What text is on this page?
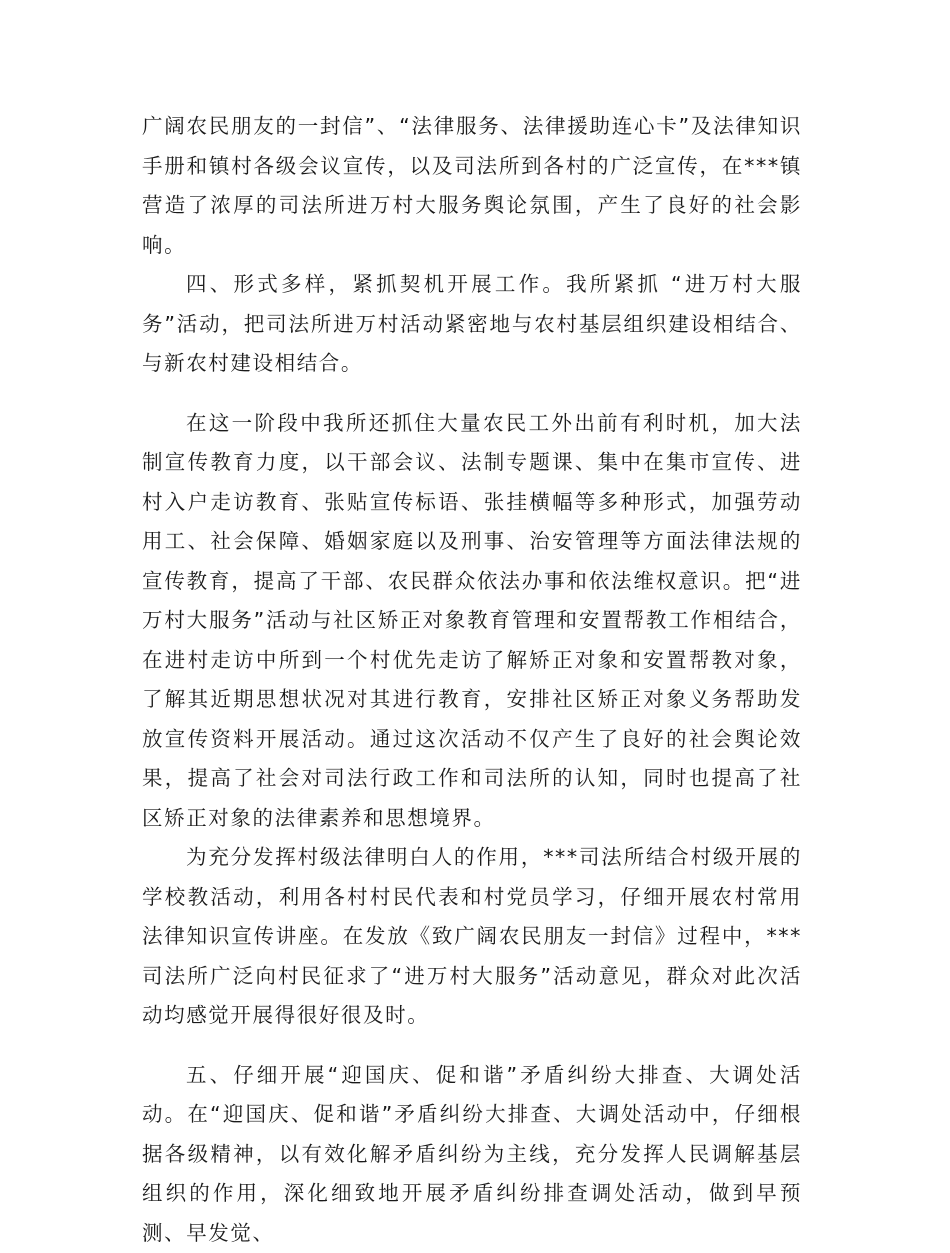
广阔农民朋友的一封信”、“法律服务、法律援助连心卡”及法律知识手册和镇村各级会议宣传，以及司法所到各村的广泛宣传，在***镇营造了浓厚的司法所进万村大服务舆论氛围，产生了良好的社会影响。

四、形式多样，紧抓契机开展工作。我所紧抓 “进万村大服务”活动，把司法所进万村活动紧密地与农村基层组织建设相结合、与新农村建设相结合。

在这一阶段中我所还抓住大量农民工外出前有利时机，加大法制宣传教育力度，以干部会议、法制专题课、集中在集市宣传、进村入户走访教育、张贴宣传标语、张挂横幅等多种形式，加强劳动用工、社会保障、婚姻家庭以及刑事、治安管理等方面法律法规的宣传教育，提高了干部、农民群众依法办事和依法维权意识。把“进万村大服务”活动与社区矫正对象教育管理和安置帮教工作相结合，在进村走访中所到一个村优先走访了解矫正对象和安置帮教对象，了解其近期思想状况对其进行教育，安排社区矫正对象义务帮助发放宣传资料开展活动。通过这次活动不仅产生了良好的社会舆论效果，提高了社会对司法行政工作和司法所的认知，同时也提高了社区矫正对象的法律素养和思想境界。

为充分发挥村级法律明白人的作用，***司法所结合村级开展的学校教活动，利用各村村民代表和村党员学习，仔细开展农村常用法律知识宣传讲座。在发放《致广阔农民朋友一封信》过程中，***司法所广泛向村民征求了“进万村大服务”活动意见，群众对此次活动均感觉开展得很好很及时。

五、仔细开展“迎国庆、促和谐”矛盾纠纷大排查、大调处活动。在“迎国庆、促和谐”矛盾纠纷大排查、大调处活动中，仔细根据各级精神，以有效化解矛盾纠纷为主线，充分发挥人民调解基层组织的作用，深化细致地开展矛盾纠纷排查调处活动，做到早预测、早发觉、
